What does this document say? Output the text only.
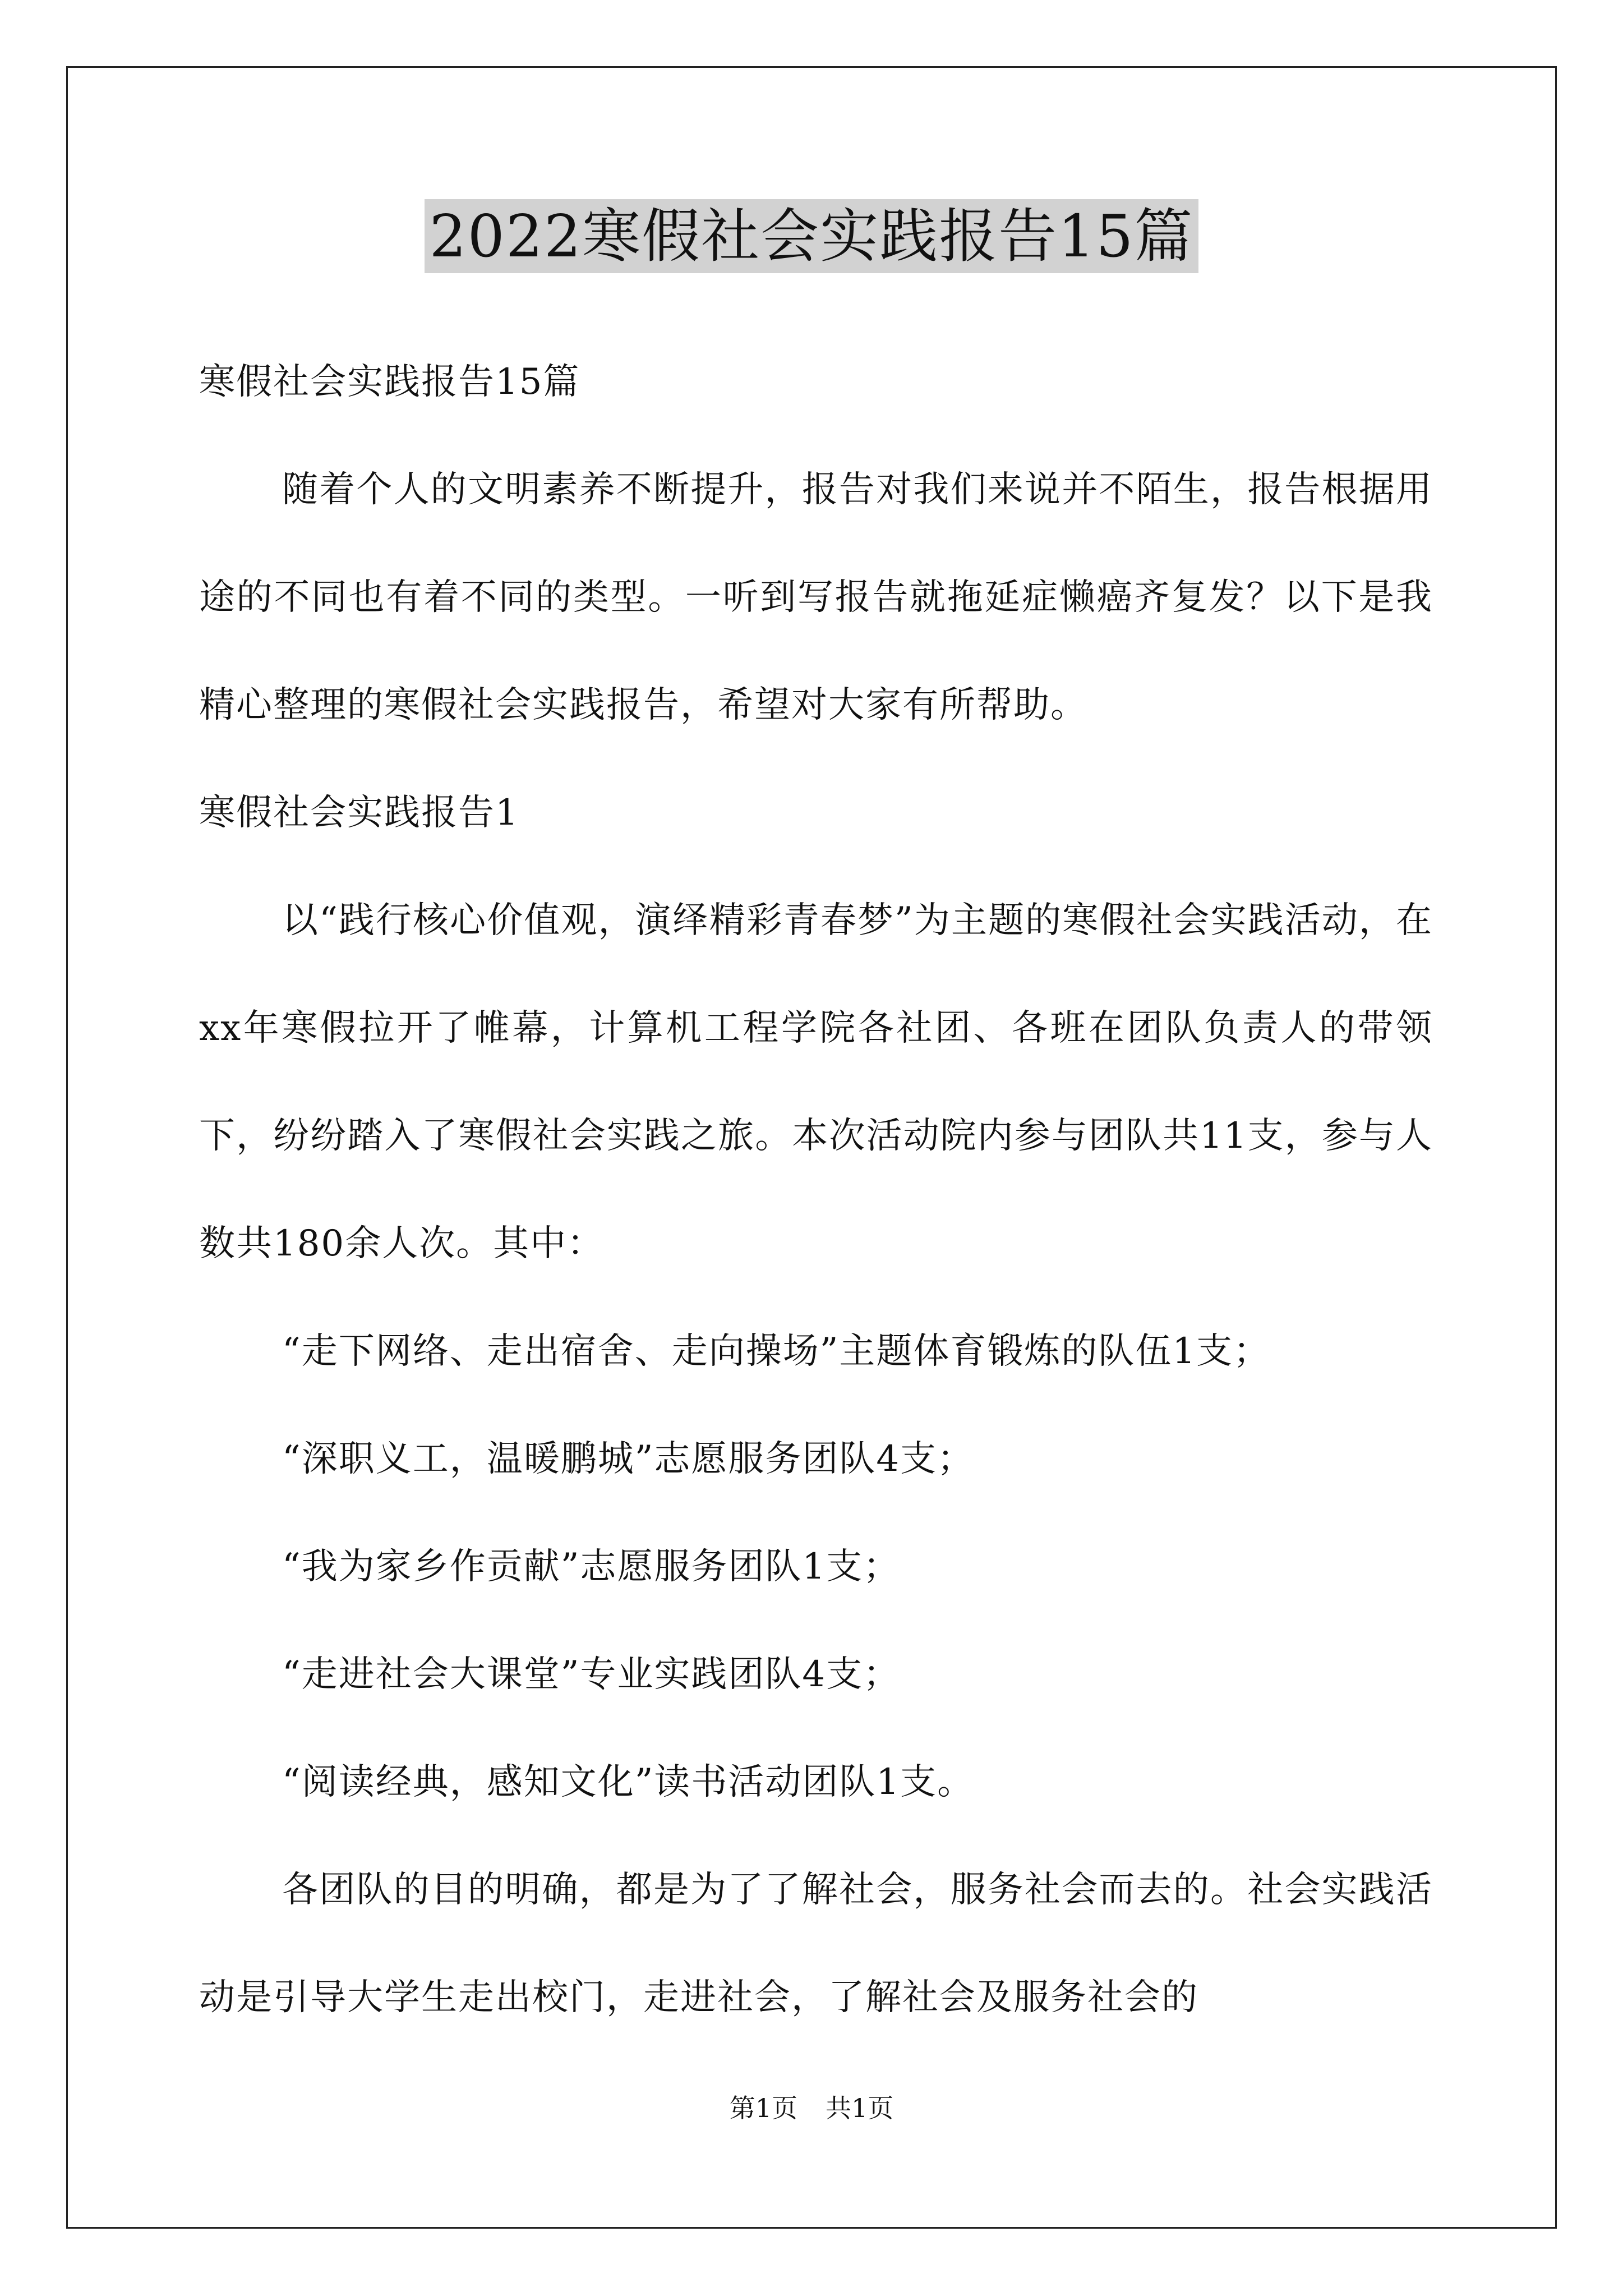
2022寒假社会实践报告15篇

寒假社会实践报告15篇

随着个人的文明素养不断提升，报告对我们来说并不陌生，报告根据用途的不同也有着不同的类型。一听到写报告就拖延症懒癌齐复发？以下是我精心整理的寒假社会实践报告，希望对大家有所帮助。

寒假社会实践报告1

以“践行核心价值观，演绎精彩青春梦”为主题的寒假社会实践活动，在xx年寒假拉开了帷幕，计算机工程学院各社团、各班在团队负责人的带领下，纷纷踏入了寒假社会实践之旅。本次活动院内参与团队共11支，参与人数共180余人次。其中：

“走下网络、走出宿舍、走向操场”主题体育锻炼的队伍1支；

“深职义工，温暖鹏城”志愿服务团队4支；

“我为家乡作贡献”志愿服务团队1支；

“走进社会大课堂”专业实践团队4支；

“阅读经典，感知文化”读书活动团队1支。

各团队的目的明确，都是为了了解社会，服务社会而去的。社会实践活动是引导大学生走出校门，走进社会，了解社会及服务社会的

第1页 共1页
